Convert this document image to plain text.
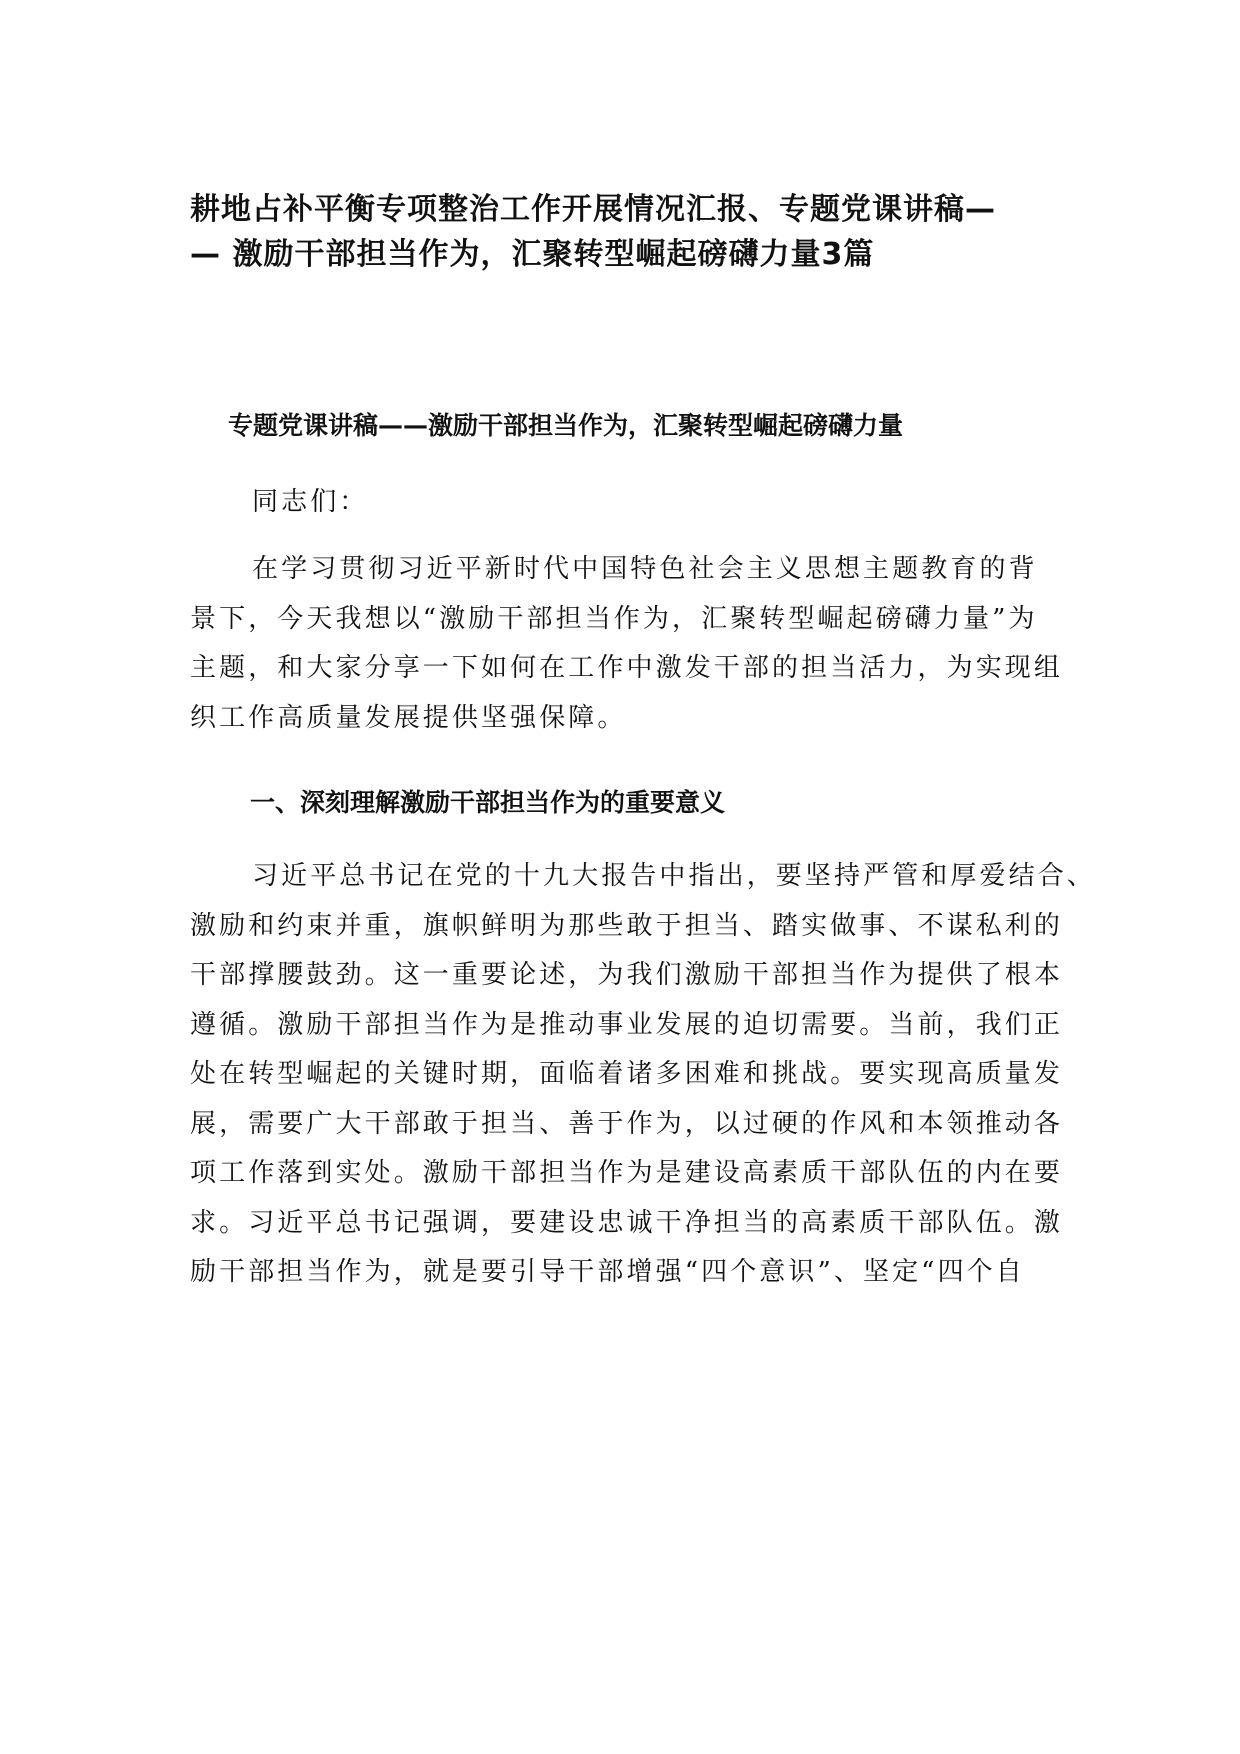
耕地占补平衡专项整治工作开展情况汇报、专题党课讲稿—
— 激励干部担当作为，汇聚转型崛起磅礴力量3篇
专题党课讲稿——激励干部担当作为，汇聚转型崛起磅礴力量

同志们：

在学习贯彻习近平新时代中国特色社会主义思想主题教育的背
景下，今天我想以“激励干部担当作为，汇聚转型崛起磅礴力量”为
主题，和大家分享一下如何在工作中激发干部的担当活力，为实现组
织工作高质量发展提供坚强保障。

一、深刻理解激励干部担当作为的重要意义

习近平总书记在党的十九大报告中指出，要坚持严管和厚爱结合、
激励和约束并重，旗帜鲜明为那些敢于担当、踏实做事、不谋私利的
干部撑腰鼓劲。这一重要论述，为我们激励干部担当作为提供了根本
遵循。激励干部担当作为是推动事业发展的迫切需要。当前，我们正
处在转型崛起的关键时期，面临着诸多困难和挑战。要实现高质量发
展，需要广大干部敢于担当、善于作为，以过硬的作风和本领推动各
项工作落到实处。激励干部担当作为是建设高素质干部队伍的内在要
求。习近平总书记强调，要建设忠诚干净担当的高素质干部队伍。激
励干部担当作为，就是要引导干部增强“四个意识”、坚定“四个自
